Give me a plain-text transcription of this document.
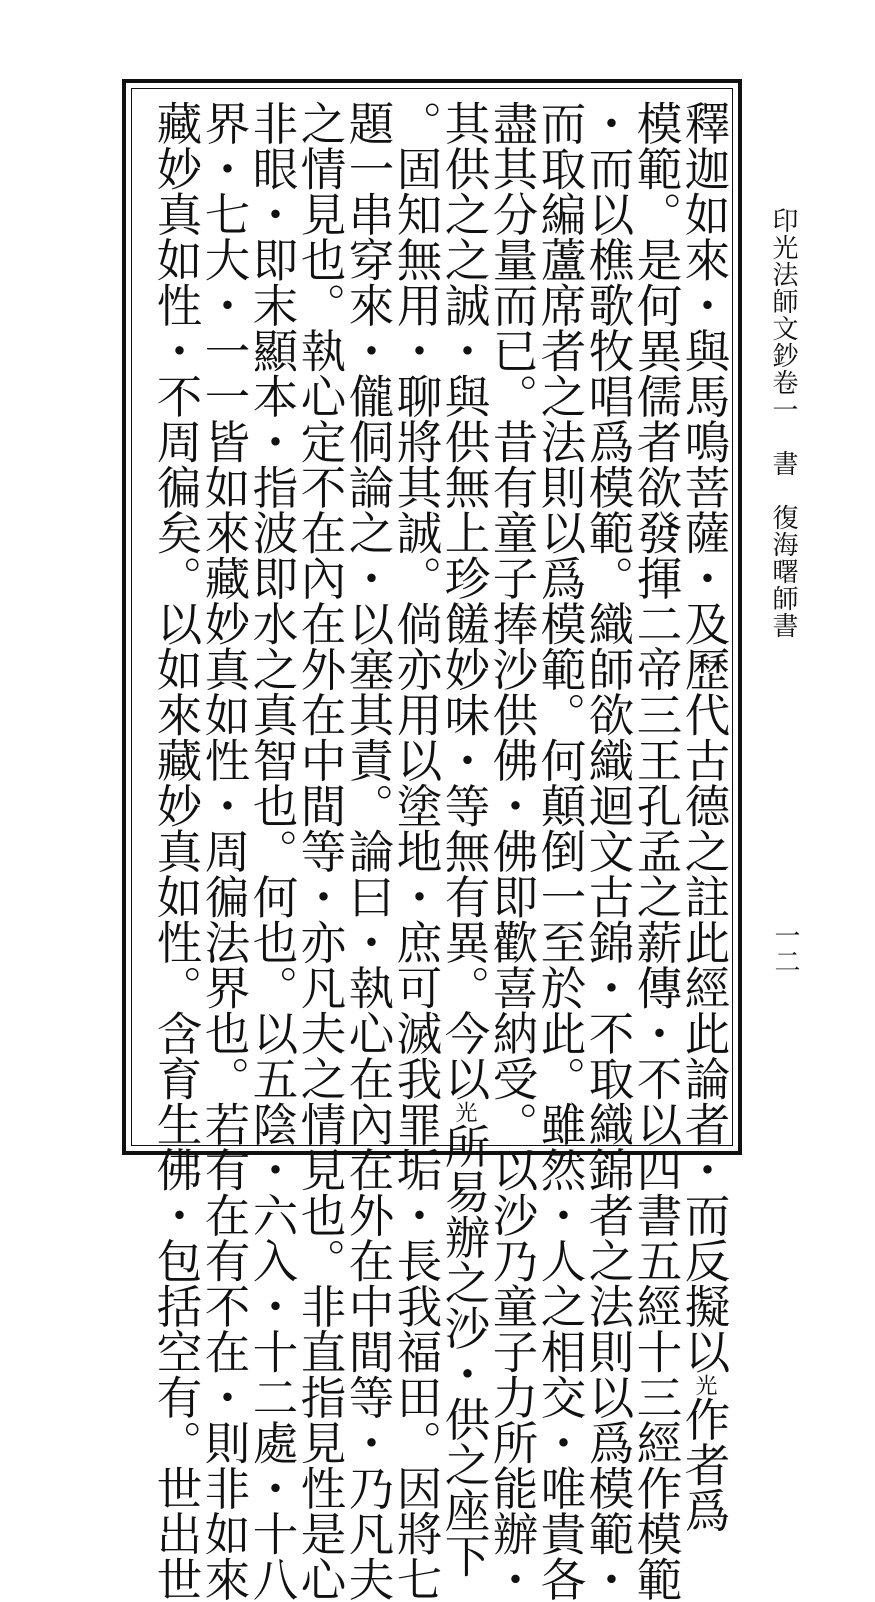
印光法師文鈔卷一　書　復海曙師書
一二
釋迦如來・與馬鳴菩薩・及歷代古德之註此經此論者・而反擬以光作者爲
模範。是何異儒者欲發揮二帝三王孔孟之薪傳・不以四書五經十三經作模範
・而以樵歌牧唱爲模範。織師欲織迴文古錦・不取織錦者之法則以爲模範・
而取編蘆席者之法則以爲模範。何顛倒一至於此。雖然・人之相交・唯貴各
盡其分量而已。昔有童子捧沙供佛・佛即歡喜納受。以沙乃童子力所能辦・
其供之之誠・與供無上珍饈妙味・等無有異。今以光所易辦之沙・供之座下
。固知無用・聊將其誠。倘亦用以塗地・庶可滅我罪垢・長我福田。因將七
題一串穿來・儱侗論之・以塞其責。論曰・執心在內在外在中間等・乃凡夫
之情見也。執心定不在內在外在中間等・亦凡夫之情見也。非直指見性是心
非眼・即末顯本・指波即水之真智也。何也。以五陰・六入・十二處・十八
界・七大・一一皆如來藏妙真如性・周徧法界也。若有在有不在・則非如來
藏妙真如性・不周徧矣。以如來藏妙真如性。含育生佛・包括空有。世出世
